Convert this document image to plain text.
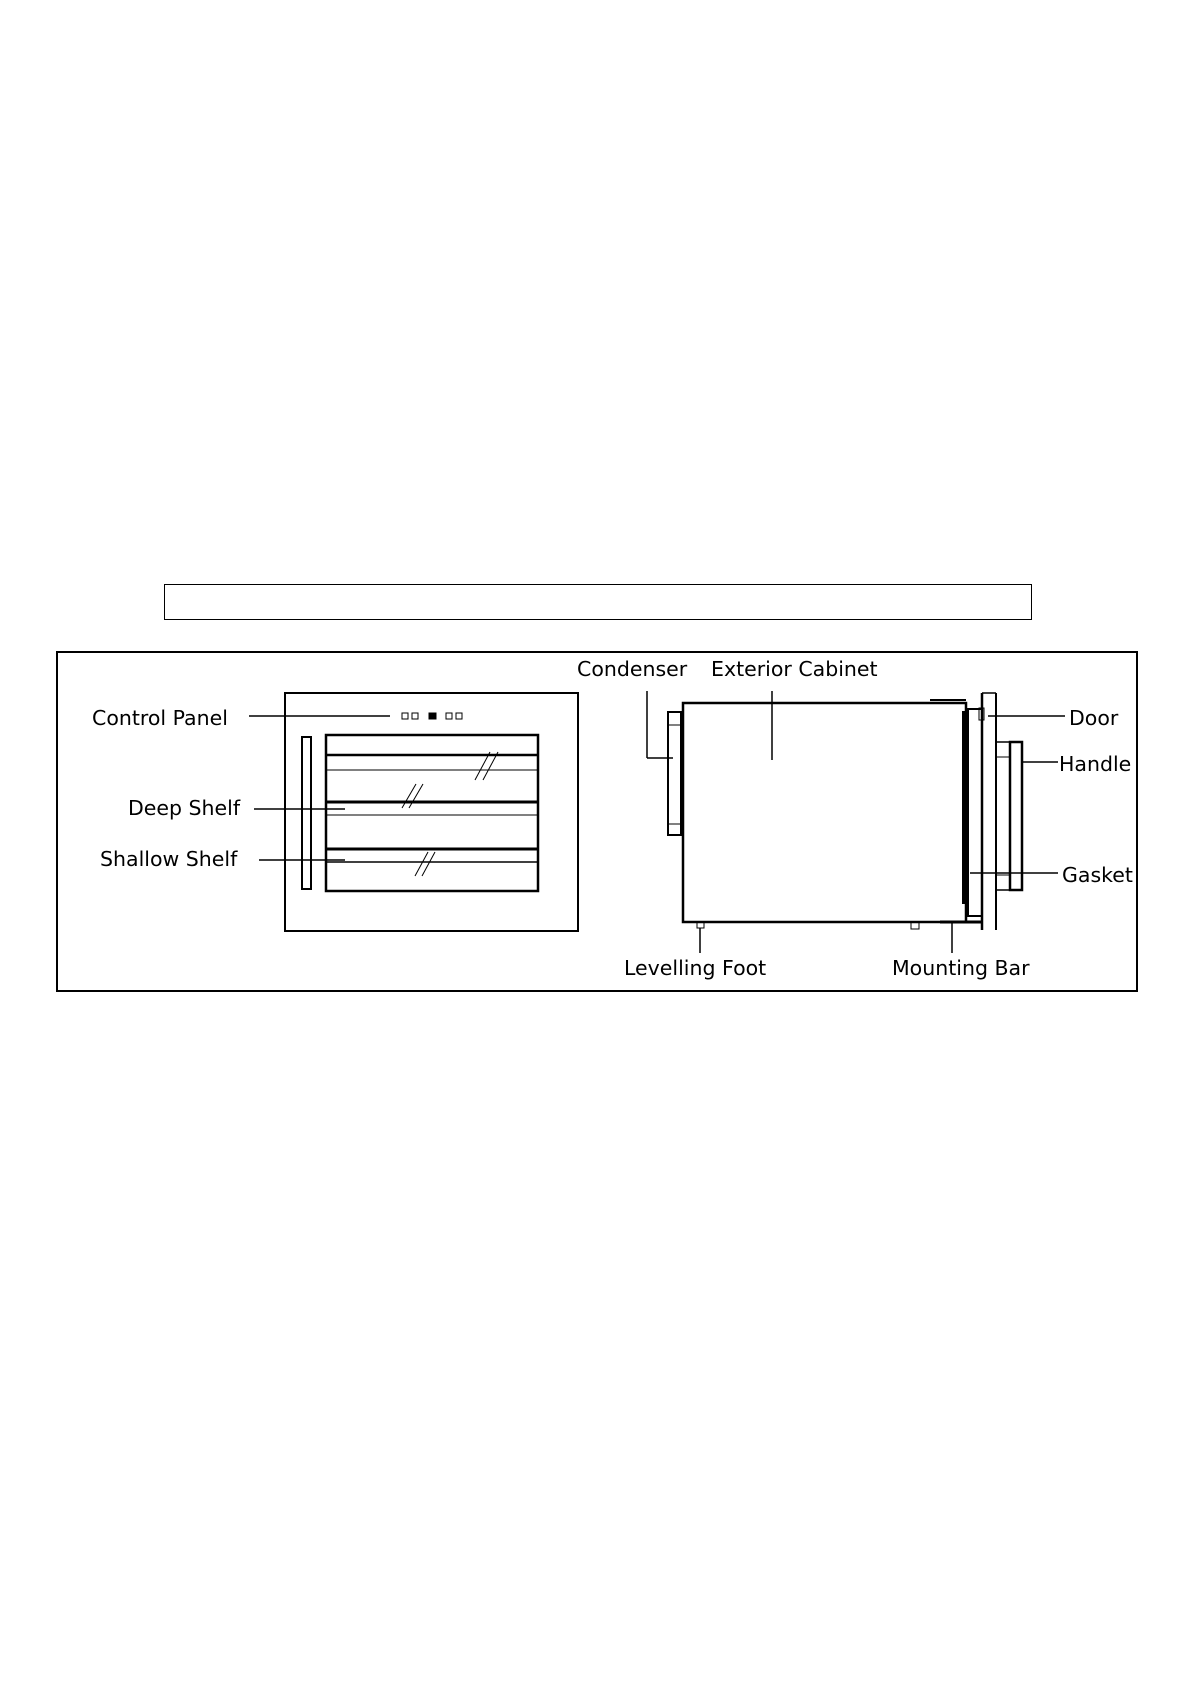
Control Panel
Deep Shelf
Shallow Shelf
Condenser Exterior Cabinet
Door
Handle
Gasket
Levelling Foot	Mounting Bar
